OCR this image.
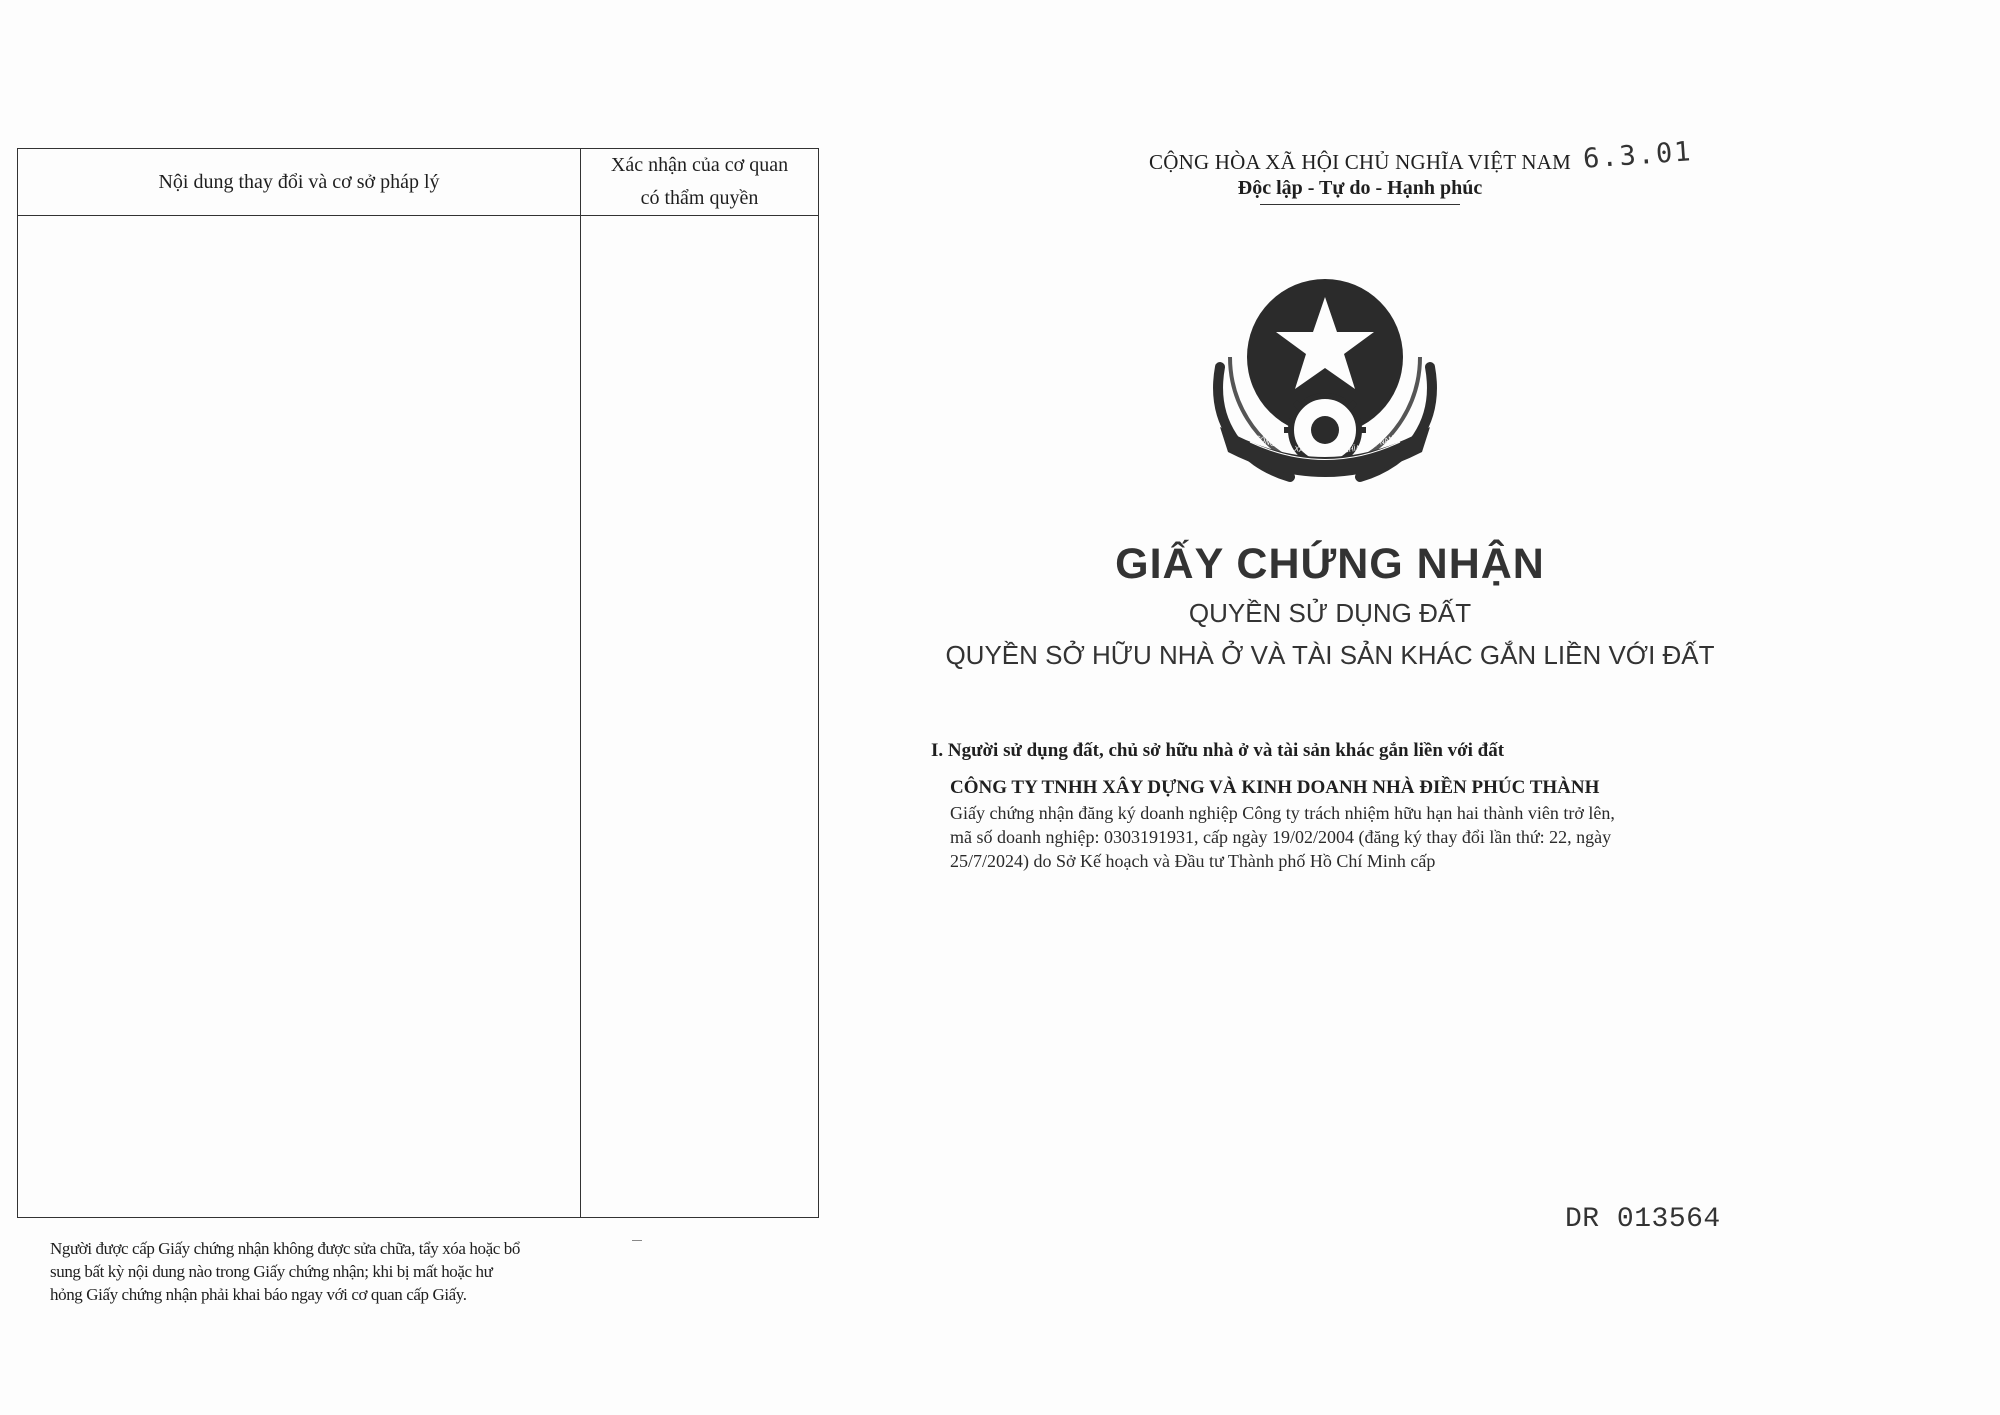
Nội dung thay đổi và cơ sở pháp lý
Xác nhận của cơ quan
có thẩm quyền

Người được cấp Giấy chứng nhận không được sửa chữa, tẩy xóa hoặc bổ

sung bất kỳ nội dung nào trong Giấy chứng nhận; khi bị mất hoặc hư

hỏng Giấy chứng nhận phải khai báo ngay với cơ quan cấp Giấy.

CỘNG HÒA XÃ HỘI CHỦ NGHĨA VIỆT NAM
Độc lập - Tự do - Hạnh phúc
6.3.01
CỘNG HÒA XÃ HỘI CHỦ NGHĨA VIỆT NAM
GIẤY CHỨNG NHẬN
QUYỀN SỬ DỤNG ĐẤT
QUYỀN SỞ HỮU NHÀ Ở VÀ TÀI SẢN KHÁC GẮN LIỀN VỚI ĐẤT
I. Người sử dụng đất, chủ sở hữu nhà ở và tài sản khác gắn liền với đất
CÔNG TY TNHH XÂY DỰNG VÀ KINH DOANH NHÀ ĐIỀN PHÚC THÀNH

Giấy chứng nhận đăng ký doanh nghiệp Công ty trách nhiệm hữu hạn hai thành viên trở lên,

mã số doanh nghiệp: 0303191931, cấp ngày 19/02/2004 (đăng ký thay đổi lần thứ: 22, ngày

25/7/2024) do Sở Kế hoạch và Đầu tư Thành phố Hồ Chí Minh cấp

DR 013564
